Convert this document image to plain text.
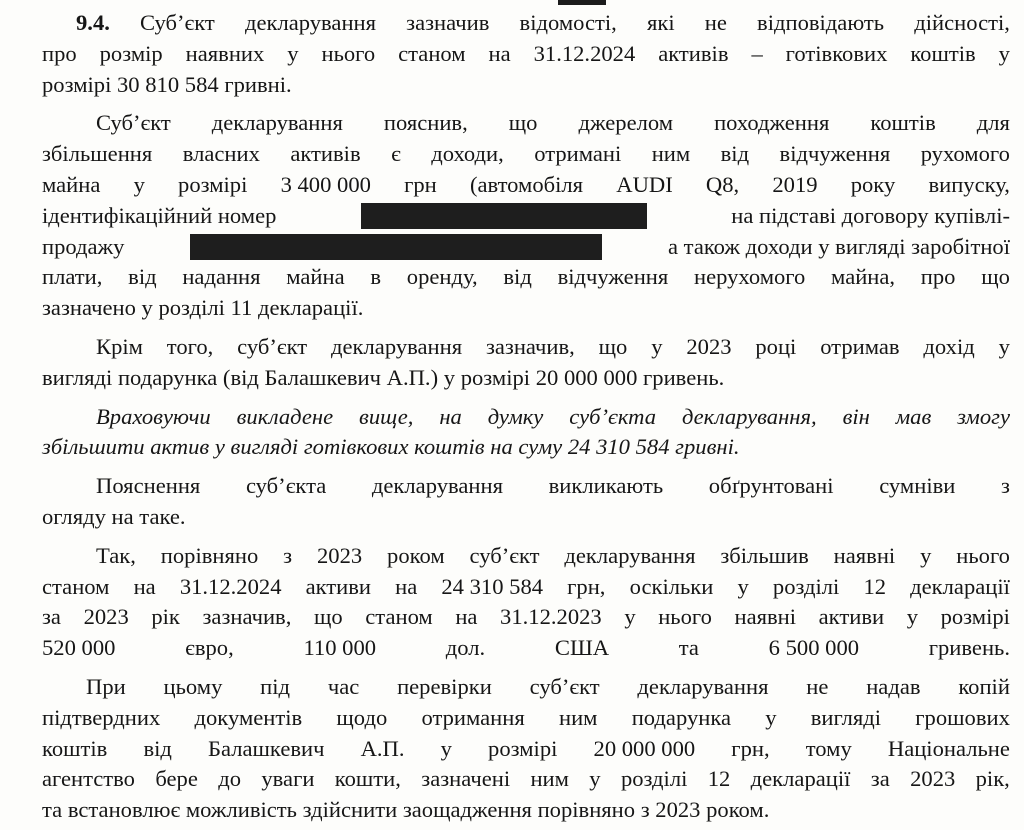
9.4. Суб’єкт декларування зазначив відомості, які не відповідають дійсності,
про розмір наявних у нього станом на 31.12.2024 активів – готівкових коштів у
розмірі 30 810 584 гривні.
Суб’єкт декларування пояснив, що джерелом походження коштів для
збільшення власних активів є доходи, отримані ним від відчуження рухомого
майна у розмірі 3 400 000 грн (автомобіля AUDI Q8, 2019 року випуску,
ідентифікаційний номер	на підставі договору купівлі-
продажу	а також доходи у вигляді заробітної
плати, від надання майна в оренду, від відчуження нерухомого майна, про що
зазначено у розділі 11 декларації.
Крім того, суб’єкт декларування зазначив, що у 2023 році отримав дохід у
вигляді подарунка (від Балашкевич А.П.) у розмірі 20 000 000 гривень.
Враховуючи викладене вище, на думку суб’єкта декларування, він мав змогу
збільшити актив у вигляді готівкових коштів на суму 24 310 584 гривні.
Пояснення суб’єкта декларування викликають обґрунтовані сумніви з
огляду на таке.
Так, порівняно з 2023 роком суб’єкт декларування збільшив наявні у нього
станом на 31.12.2024 активи на 24 310 584 грн, оскільки у розділі 12 декларації
за 2023 рік зазначив, що станом на 31.12.2023 у нього наявні активи у розмірі
520 000	євро,	110 000	дол.	США	та	6 500 000	гривень.
При цьому під час перевірки суб’єкт декларування не надав копій
підтвердних документів щодо отримання ним подарунка у вигляді грошових
коштів від Балашкевич А.П. у розмірі 20 000 000 грн, тому Національне
агентство бере до уваги кошти, зазначені ним у розділі 12 декларації за 2023 рік,
та встановлює можливість здійснити заощадження порівняно з 2023 роком.
